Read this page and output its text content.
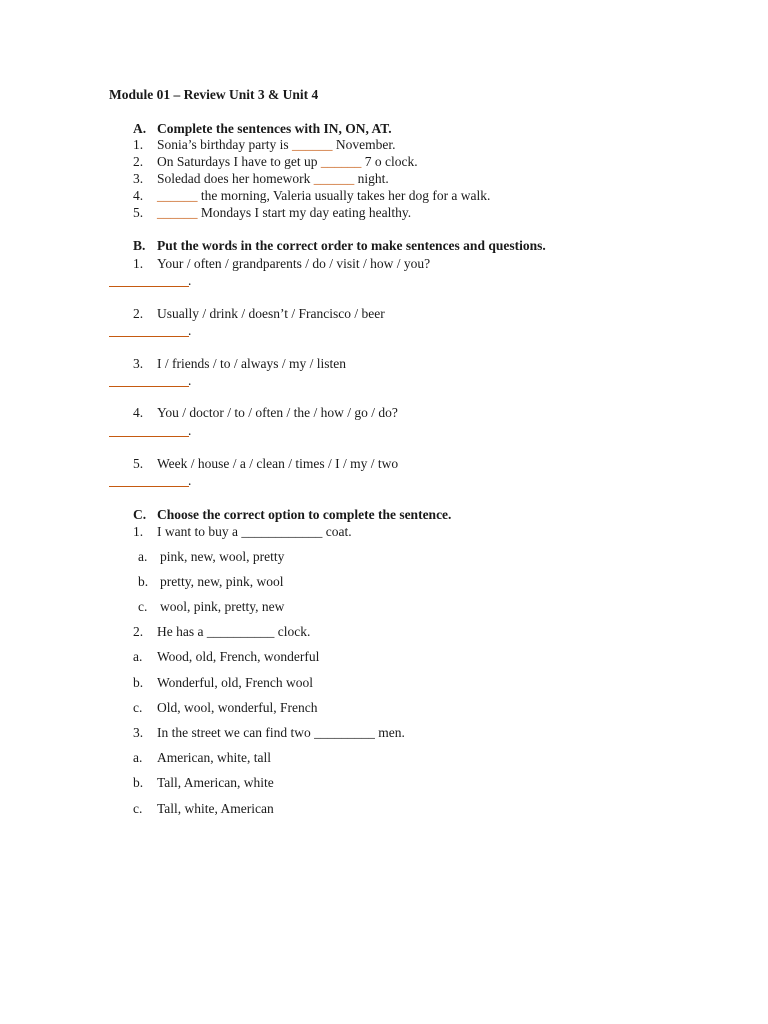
Module 01 – Review Unit 3 & Unit 4
A. Complete the sentences with IN, ON, AT.
1. Sonia’s birthday party is ______ November.
2. On Saturdays I have to get up ______ 7 o clock.
3. Soledad does her homework ______ night.
4. ______ the morning, Valeria usually takes her dog for a walk.
5. ______ Mondays I start my day eating healthy.
B. Put the words in the correct order to make sentences and questions.
1. Your / often / grandparents / do / visit / how / you?
.
2. Usually / drink / doesn’t / Francisco / beer
.
3. I / friends / to / always / my / listen
.
4. You / doctor / to / often / the / how / go / do?
.
5. Week / house / a / clean / times / I / my / two
.
C. Choose the correct option to complete the sentence.
1. I want to buy a ____________ coat.
a. pink, new, wool, pretty
b. pretty, new, pink, wool
c. wool, pink, pretty, new
2. He has a __________ clock.
a. Wood, old, French, wonderful
b. Wonderful, old, French wool
c. Old, wool, wonderful, French
3. In the street we can find two _________ men.
a. American, white, tall
b. Tall, American, white
c. Tall, white, American
